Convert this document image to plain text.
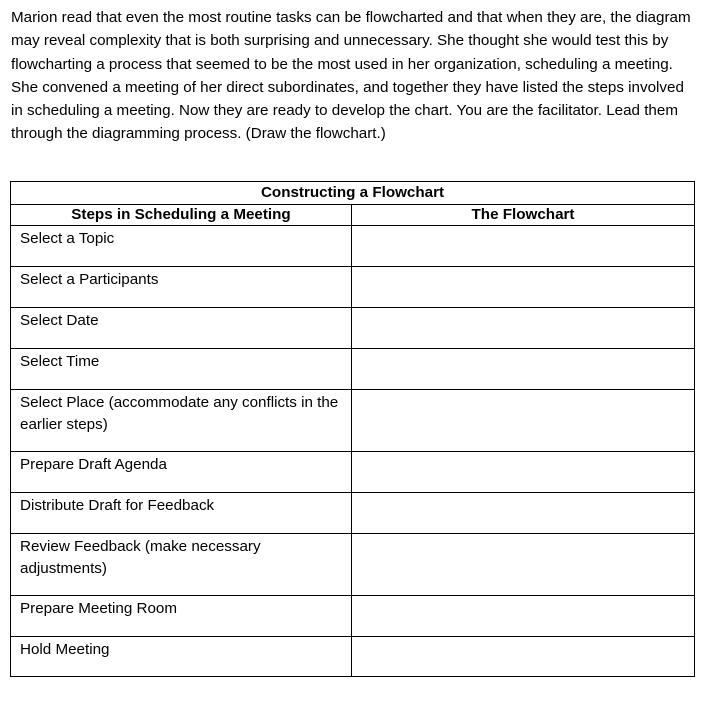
Marion read that even the most routine tasks can be flowcharted and that when they are, the diagram may reveal complexity that is both surprising and unnecessary. She thought she would test this by flowcharting a process that seemed to be the most used in her organization, scheduling a meeting. She convened a meeting of her direct subordinates, and together they have listed the steps involved in scheduling a meeting. Now they are ready to develop the chart. You are the facilitator. Lead them through the diagramming process. (Draw the flowchart.)

Constructing a Flowchart	
Steps in Scheduling a Meeting	The Flowchart
Select a Topic	
Select a Participants	
Select Date	
Select Time	
Select Place (accommodate any conflicts in the earlier steps)	
Prepare Draft Agenda	
Distribute Draft for Feedback	
Review Feedback (make necessary adjustments)	
Prepare Meeting Room	
Hold Meeting	
